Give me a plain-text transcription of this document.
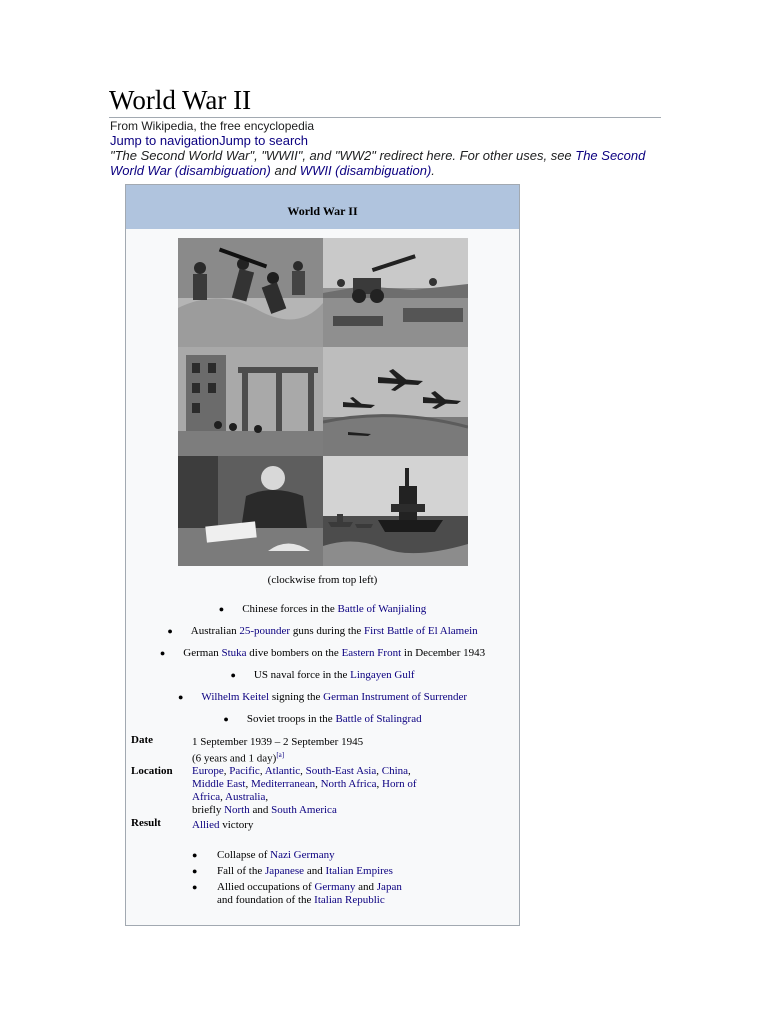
World War II
From Wikipedia, the free encyclopedia
Jump to navigationJump to search
"The Second World War", "WWII", and "WW2" redirect here. For other uses, see The Second World War (disambiguation) and WWII (disambiguation).
World War II
(clockwise from top left)
● Chinese forces in the Battle of Wanjialing
● Australian 25-pounder guns during the First Battle of El Alamein
● German Stuka dive bombers on the Eastern Front in December 1943
● US naval force in the Lingayen Gulf
● Wilhelm Keitel signing the German Instrument of Surrender
● Soviet troops in the Battle of Stalingrad
Date	1 September 1939 – 2 September 1945
(6 years and 1 day)[a]
Location	Europe, Pacific, Atlantic, South-East Asia, China, Middle East, Mediterranean, North Africa, Horn of Africa, Australia,
briefly North and South America
Result	Allied victory
● Collapse of Nazi Germany
● Fall of the Japanese and Italian Empires
● Allied occupations of Germany and Japan and foundation of the Italian Republic
